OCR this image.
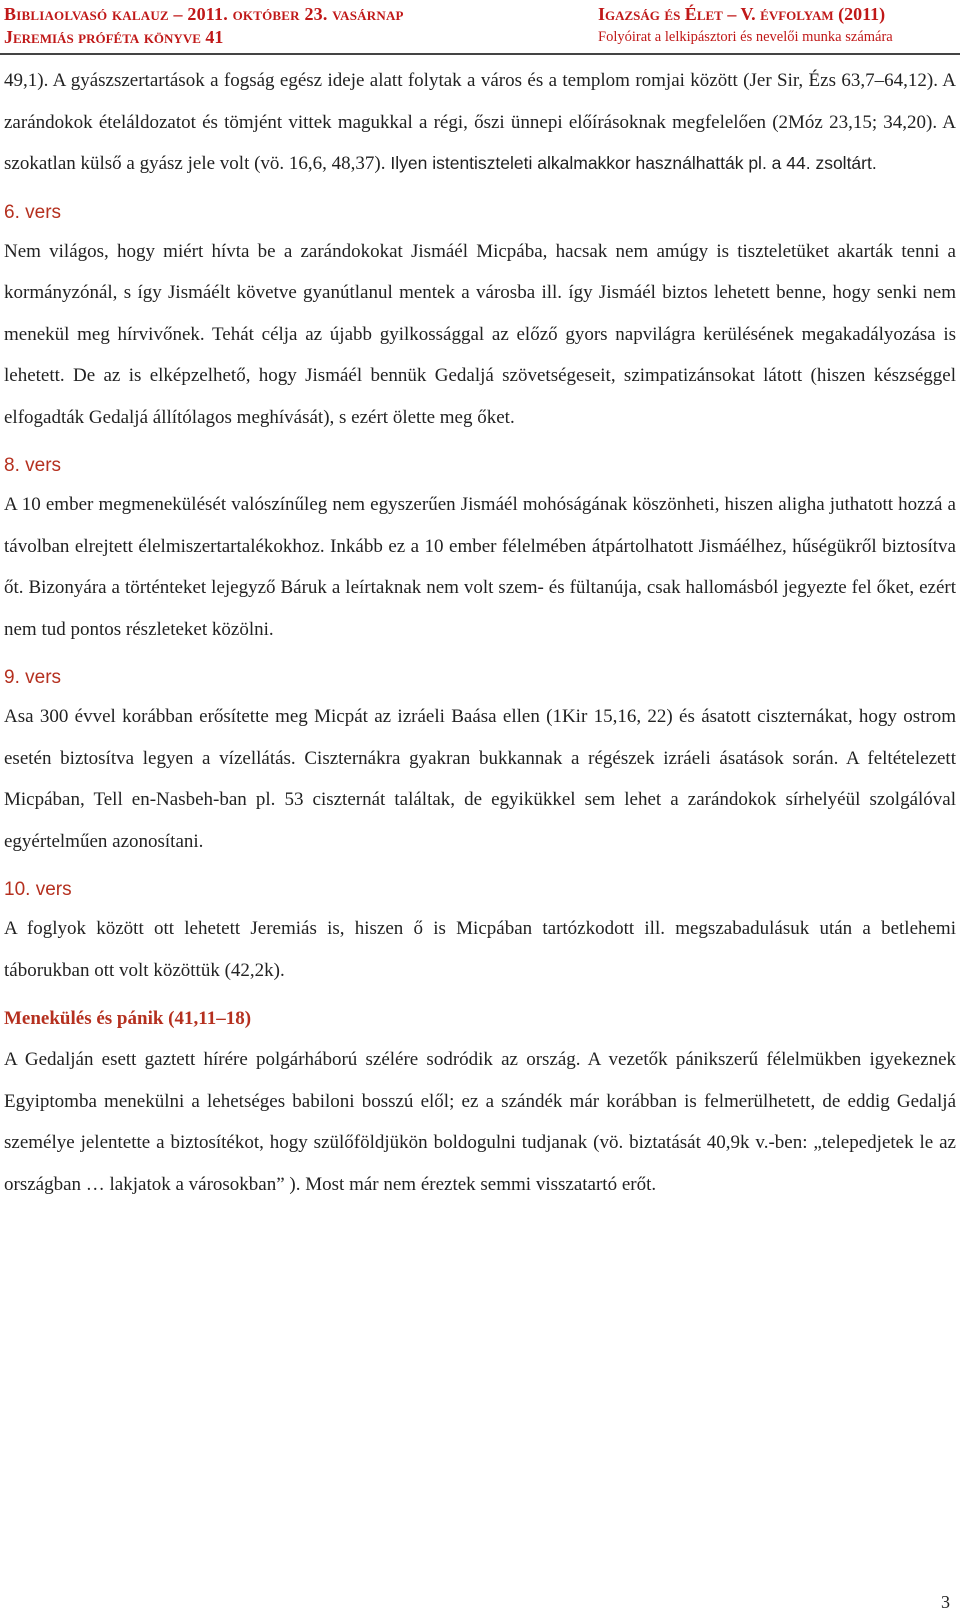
Bibliaolvasó kalauz – 2011. október 23. vasárnap
Jeremiás próféta könyve 41
Igazság és Élet – V. évfolyam (2011)
Folyóirat a lelkipásztori és nevelői munka számára

49,1). A gyászszertartások a fogság egész ideje alatt folytak a város és a templom romjai között (Jer Sir, Ézs 63,7–64,12). A zarándokok ételáldozatot és tömjént vittek magukkal a régi, őszi ünnepi előírásoknak megfelelően (2Móz 23,15; 34,20). A szokatlan külső a gyász jele volt (vö. 16,6, 48,37). Ilyen istentiszteleti alkalmakkor használhatták pl. a 44. zsoltárt.

6. vers

Nem világos, hogy miért hívta be a zarándokokat Jismáél Micpába, hacsak nem amúgy is tiszteletüket akarták tenni a kormányzónál, s így Jismáélt követve gyanútlanul mentek a városba ill. így Jismáél biztos lehetett benne, hogy senki nem menekül meg hírvivőnek. Tehát célja az újabb gyilkossággal az előző gyors napvilágra kerülésének megakadályozása is lehetett. De az is elképzelhető, hogy Jismáél bennük Gedaljá szövetségeseit, szimpatizánsokat látott (hiszen készséggel elfogadták Gedaljá állítólagos meghívását), s ezért ölette meg őket.

8. vers

A 10 ember megmenekülését valószínűleg nem egyszerűen Jismáél mohóságának köszönheti, hiszen aligha juthatott hozzá a távolban elrejtett élelmiszertartalékokhoz. Inkább ez a 10 ember félelmében átpártolhatott Jismáélhez, hűségükről biztosítva őt. Bizonyára a történteket lejegyző Báruk a leírtaknak nem volt szem- és fültanúja, csak hallomásból jegyezte fel őket, ezért nem tud pontos részleteket közölni.

9. vers

Asa 300 évvel korábban erősítette meg Micpát az izráeli Baása ellen (1Kir 15,16, 22) és ásatott ciszternákat, hogy ostrom esetén biztosítva legyen a vízellátás. Ciszternákra gyakran bukkannak a régészek izráeli ásatások során. A feltételezett Micpában, Tell en-Nasbeh-ban pl. 53 ciszternát találtak, de egyikükkel sem lehet a zarándokok sírhelyéül szolgálóval egyértelműen azonosítani.

10. vers

A foglyok között ott lehetett Jeremiás is, hiszen ő is Micpában tartózkodott ill. megszabadulásuk után a betlehemi táborukban ott volt közöttük (42,2k).

Menekülés és pánik (41,11–18)

A Gedalján esett gaztett hírére polgárháború szélére sodródik az ország. A vezetők pánikszerű félelmükben igyekeznek Egyiptomba menekülni a lehetséges babiloni bosszú elől; ez a szándék már korábban is felmerülhetett, de eddig Gedaljá személye jelentette a biztosítékot, hogy szülőföldjükön boldogulni tudjanak (vö. biztatását 40,9k v.-ben: „telepedjetek le az országban … lakjatok a városokban” ). Most már nem éreztek semmi visszatartó erőt.

3
